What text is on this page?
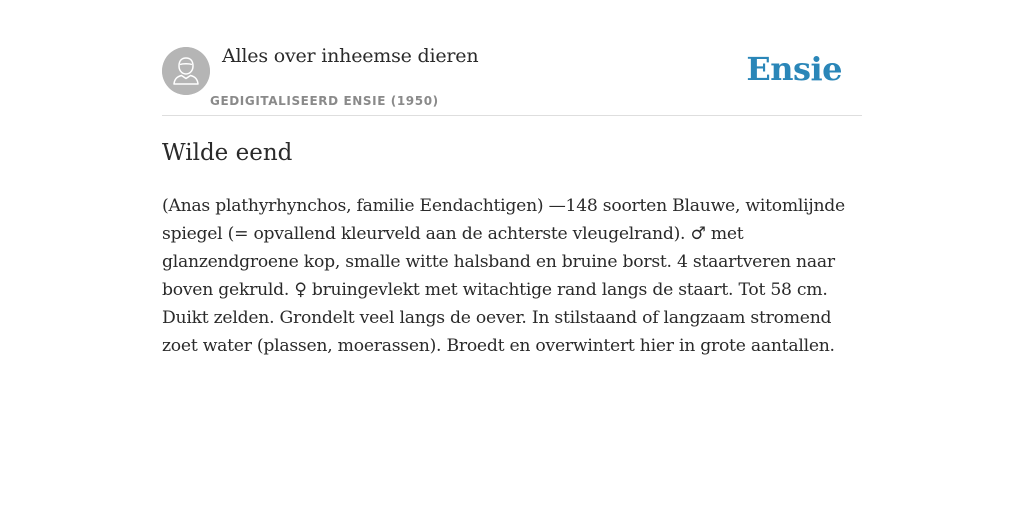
Alles over inheemse dieren
GEDIGITALISEERD ENSIE (1950)
Ensie
Wilde eend

(Anas plathyrhynchos, familie Eendachtigen) —148 soorten Blauwe, witomlijnde spiegel (= opvallend kleurveld aan de achterste vleugelrand). ♂ met glanzendgroene kop, smalle witte halsband en bruine borst. 4 staartveren naar boven gekruld. ♀ bruingevlekt met witachtige rand langs de staart. Tot 58 cm. Duikt zelden. Grondelt veel langs de oever. In stilstaand of langzaam stromend zoet water (plassen, moerassen). Broedt en overwintert hier in grote aantallen.
